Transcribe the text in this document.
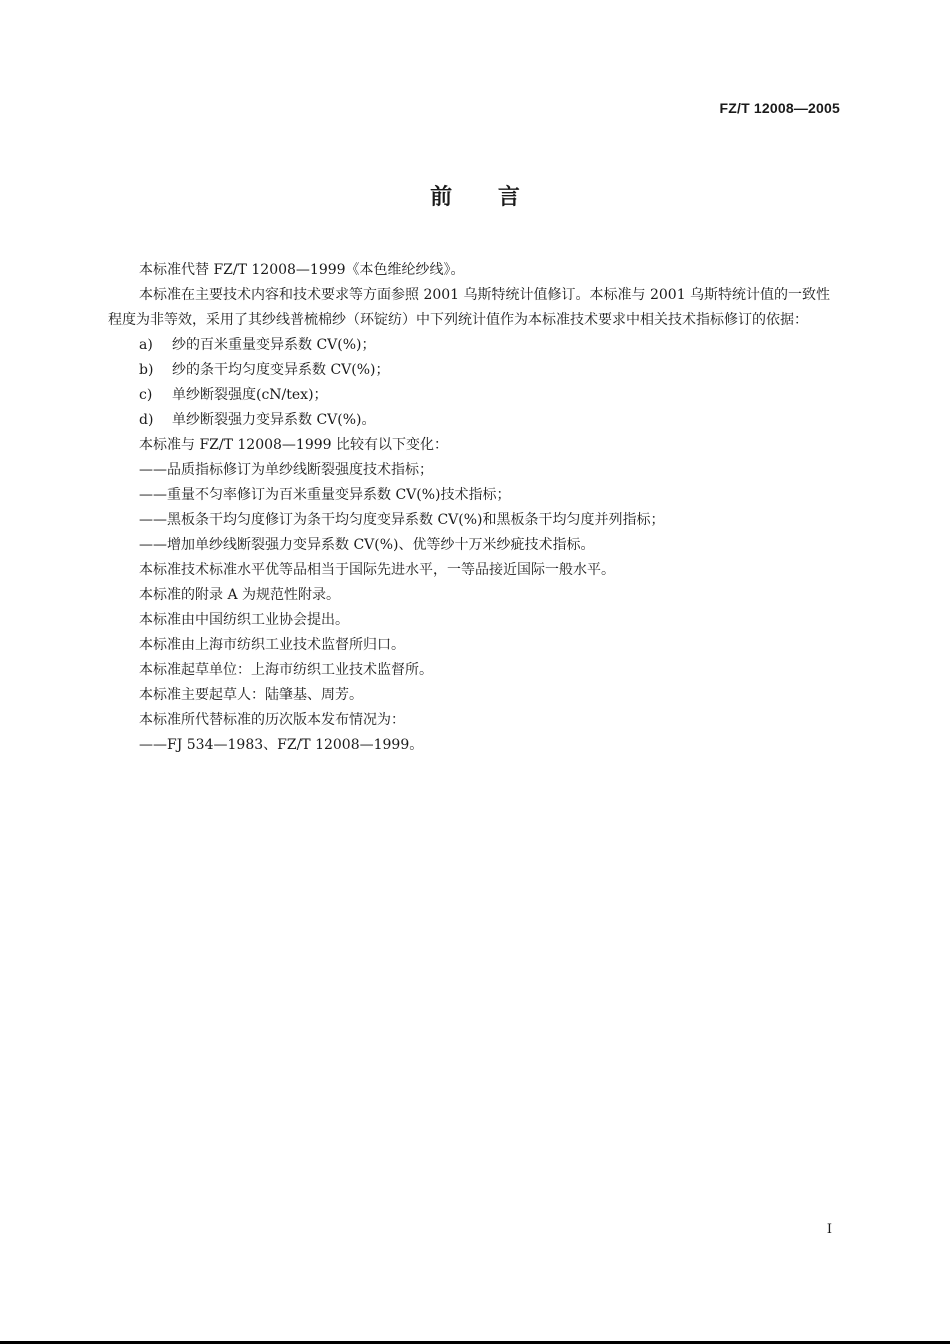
FZ/T 12008—2005
前 言

本标准代替 FZ/T 12008—1999《本色维纶纱线》。

本标准在主要技术内容和技术要求等方面参照 2001 乌斯特统计值修订。本标准与 2001 乌斯特统计值的一致性程度为非等效，采用了其纱线普梳棉纱（环锭纺）中下列统计值作为本标准技术要求中相关技术指标修订的依据：

a) 纱的百米重量变异系数 CV(%)；
b) 纱的条干均匀度变异系数 CV(%)；
c) 单纱断裂强度(cN/tex)；
d) 单纱断裂强力变异系数 CV(%)。

本标准与 FZ/T 12008—1999 比较有以下变化：

——品质指标修订为单纱线断裂强度技术指标；

——重量不匀率修订为百米重量变异系数 CV(%)技术指标；

——黑板条干均匀度修订为条干均匀度变异系数 CV(%)和黑板条干均匀度并列指标；

——增加单纱线断裂强力变异系数 CV(%)、优等纱十万米纱疵技术指标。

本标准技术标准水平优等品相当于国际先进水平，一等品接近国际一般水平。

本标准的附录 A 为规范性附录。

本标准由中国纺织工业协会提出。

本标准由上海市纺织工业技术监督所归口。

本标准起草单位：上海市纺织工业技术监督所。

本标准主要起草人：陆肇基、周芳。

本标准所代替标准的历次版本发布情况为：

——FJ 534—1983、FZ/T 12008—1999。

I
